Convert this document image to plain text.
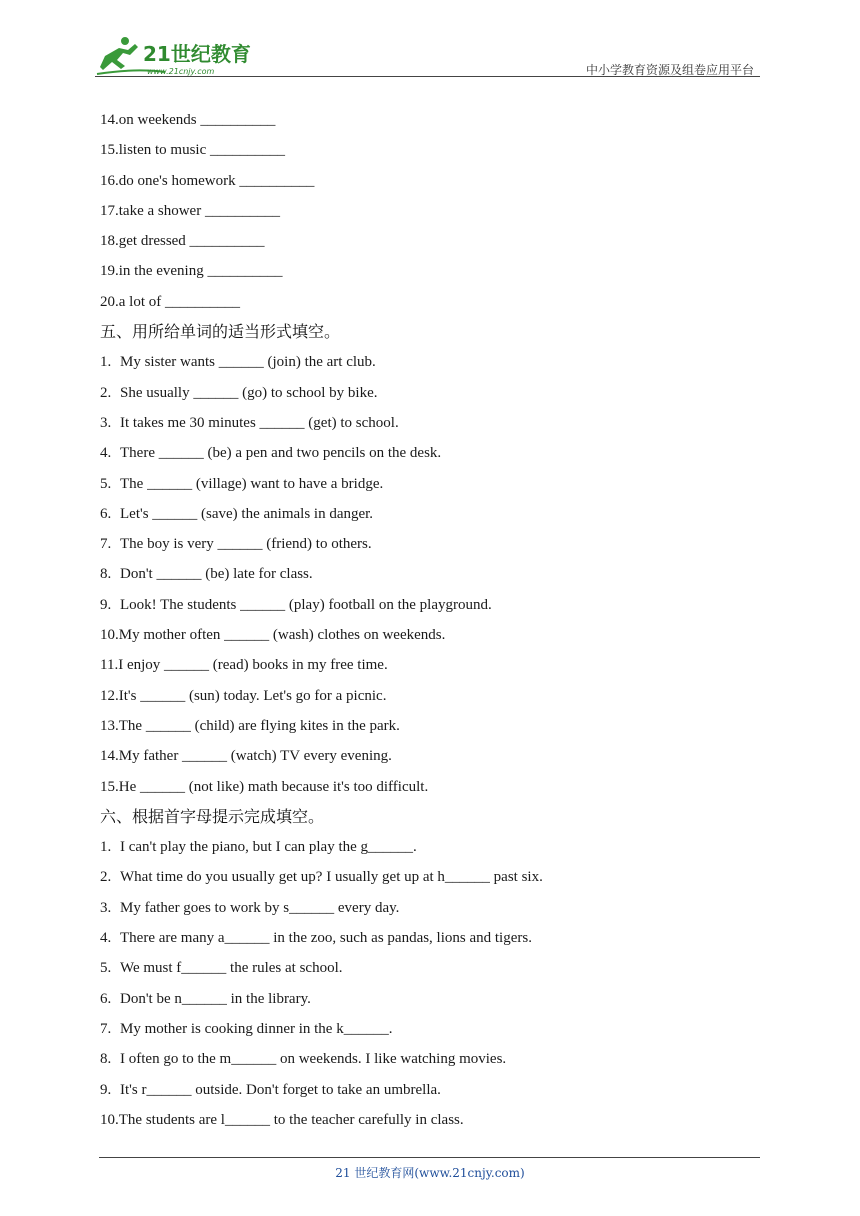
21世纪教育
www.21cnjy.com	中小学教育资源及组卷应用平台
14.on weekends __________
15.listen to music __________
16.do one's homework __________
17.take a shower __________
18.get dressed __________
19.in the evening __________
20.a lot of __________
五、用所给单词的适当形式填空。
1. My sister wants ______ (join) the art club.
2. She usually ______ (go) to school by bike.
3. It takes me 30 minutes ______ (get) to school.
4. There ______ (be) a pen and two pencils on the desk.
5. The ______ (village) want to have a bridge.
6. Let's ______ (save) the animals in danger.
7. The boy is very ______ (friend) to others.
8. Don't ______ (be) late for class.
9. Look! The students ______ (play) football on the playground.
10.My mother often ______ (wash) clothes on weekends.
11.I enjoy ______ (read) books in my free time.
12.It's ______ (sun) today. Let's go for a picnic.
13.The ______ (child) are flying kites in the park.
14.My father ______ (watch) TV every evening.
15.He ______ (not like) math because it's too difficult.
六、根据首字母提示完成填空。
1. I can't play the piano, but I can play the g______.
2. What time do you usually get up? I usually get up at h______ past six.
3. My father goes to work by s______ every day.
4. There are many a______ in the zoo, such as pandas, lions and tigers.
5. We must f______ the rules at school.
6. Don't be n______ in the library.
7. My mother is cooking dinner in the k______.
8. I often go to the m______ on weekends. I like watching movies.
9. It's r______ outside. Don't forget to take an umbrella.
10.The students are l______ to the teacher carefully in class.
21 世纪教育网(www.21cnjy.com)
